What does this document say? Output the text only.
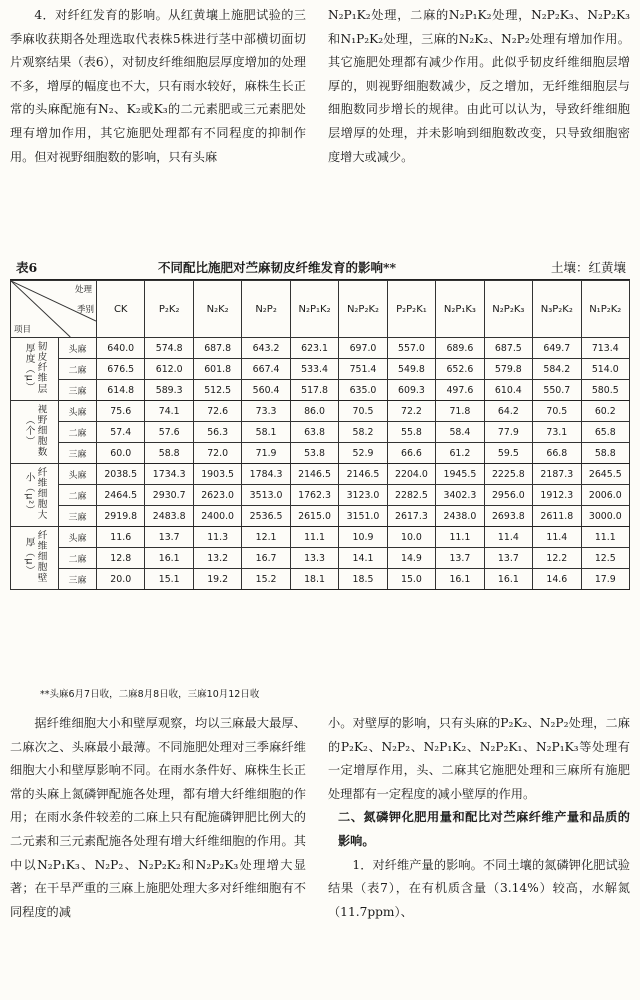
4．对纤红发育的影响。从红黄壤上施肥试验的三季麻收获期各处理选取代表株5株进行茎中部横切面切片观察结果（表6），对韧皮纤维细胞层厚度增加的处理不多，增厚的幅度也不大，只有雨水较好，麻株生长正常的头麻配施有N₂、K₂或K₃的二元素肥或三元素肥处理有增加作用，其它施肥处理都有不同程度的抑制作用。但对视野细胞数的影响，只有头麻

N₂P₁K₂处理，二麻的N₂P₁K₂处理，N₂P₂K₃、N₂P₂K₃和N₁P₂K₂处理，三麻的N₂K₂、N₂P₂处理有增加作用。其它施肥处理都有减少作用。此似乎韧皮纤维细胞层增厚的，则视野细胞数减少，反之增加，无纤维细胞层与细胞数同步增长的规律。由此可以认为，导致纤维细胞层增厚的处理，并未影响到细胞数改变，只导致细胞密度增大或减少。

表6	不同配比施肥对苎麻韧皮纤维发育的影响**	土壤：红黄壤
处理
季别
项目		CK	P₂K₂	N₂K₂	N₂P₂	N₂P₁K₂	N₂P₂K₂	P₂P₂K₁	N₂P₁K₃	N₂P₂K₃	N₃P₂K₂	N₁P₂K₂
韧皮纤维层厚度（μ）	头麻	640.0	574.8	687.8	643.2	623.1	697.0	557.0	689.6	687.5	649.7	713.4
	二麻	676.5	612.0	601.8	667.4	533.4	751.4	549.8	652.6	579.8	584.2	514.0
	三麻	614.8	589.3	512.5	560.4	517.8	635.0	609.3	497.6	610.4	550.7	580.5
视野细胞数（个）	头麻	75.6	74.1	72.6	73.3	86.0	70.5	72.2	71.8	64.2	70.5	60.2
	二麻	57.4	57.6	56.3	58.1	63.8	58.2	55.8	58.4	77.9	73.1	65.8
	三麻	60.0	58.8	72.0	71.9	53.8	52.9	66.6	61.2	59.5	66.8	58.8
纤维细胞大小（μ²）	头麻	2038.5	1734.3	1903.5	1784.3	2146.5	2146.5	2204.0	1945.5	2225.8	2187.3	2645.5
	二麻	2464.5	2930.7	2623.0	3513.0	1762.3	3123.0	2282.5	3402.3	2956.0	1912.3	2006.0
	三麻	2919.8	2483.8	2400.0	2536.5	2615.0	3151.0	2617.3	2438.0	2693.8	2611.8	3000.0
纤维细胞壁厚（μ）	头麻	11.6	13.7	11.3	12.1	11.1	10.9	10.0	11.1	11.4	11.4	11.1
	二麻	12.8	16.1	13.2	16.7	13.3	14.1	14.9	13.7	13.7	12.2	12.5
	三麻	20.0	15.1	19.2	15.2	18.1	18.5	15.0	16.1	16.1	14.6	17.9
**头麻6月7日收，二麻8月8日收，三麻10月12日收

据纤维细胞大小和壁厚观察，均以三麻最大最厚、二麻次之、头麻最小最薄。不同施肥处理对三季麻纤维细胞大小和壁厚影响不同。在雨水条件好、麻株生长正常的头麻上氮磷钾配施各处理，都有增大纤维细胞的作用；在雨水条件较差的二麻上只有配施磷钾肥比例大的二元素和三元素配施各处理有增大纤维细胞的作用。其中以N₂P₁K₃、N₂P₂、N₂P₂K₂和N₂P₂K₃处理增大显著；在干旱严重的三麻上施肥处理大多对纤维细胞有不同程度的减

小。对壁厚的影响，只有头麻的P₂K₂、N₂P₂处理，二麻的P₂K₂、N₂P₂、N₂P₁K₂、N₂P₂K₁、N₂P₁K₃等处理有一定增厚作用，头、二麻其它施肥处理和三麻所有施肥处理都有一定程度的减小壁厚的作用。

二、氮磷钾化肥用量和配比对苎麻纤维产量和品质的影响。

1．对纤维产量的影响。不同土壤的氮磷钾化肥试验结果（表7），在有机质含量（3.14%）较高，水解氮（11.7ppm）、
